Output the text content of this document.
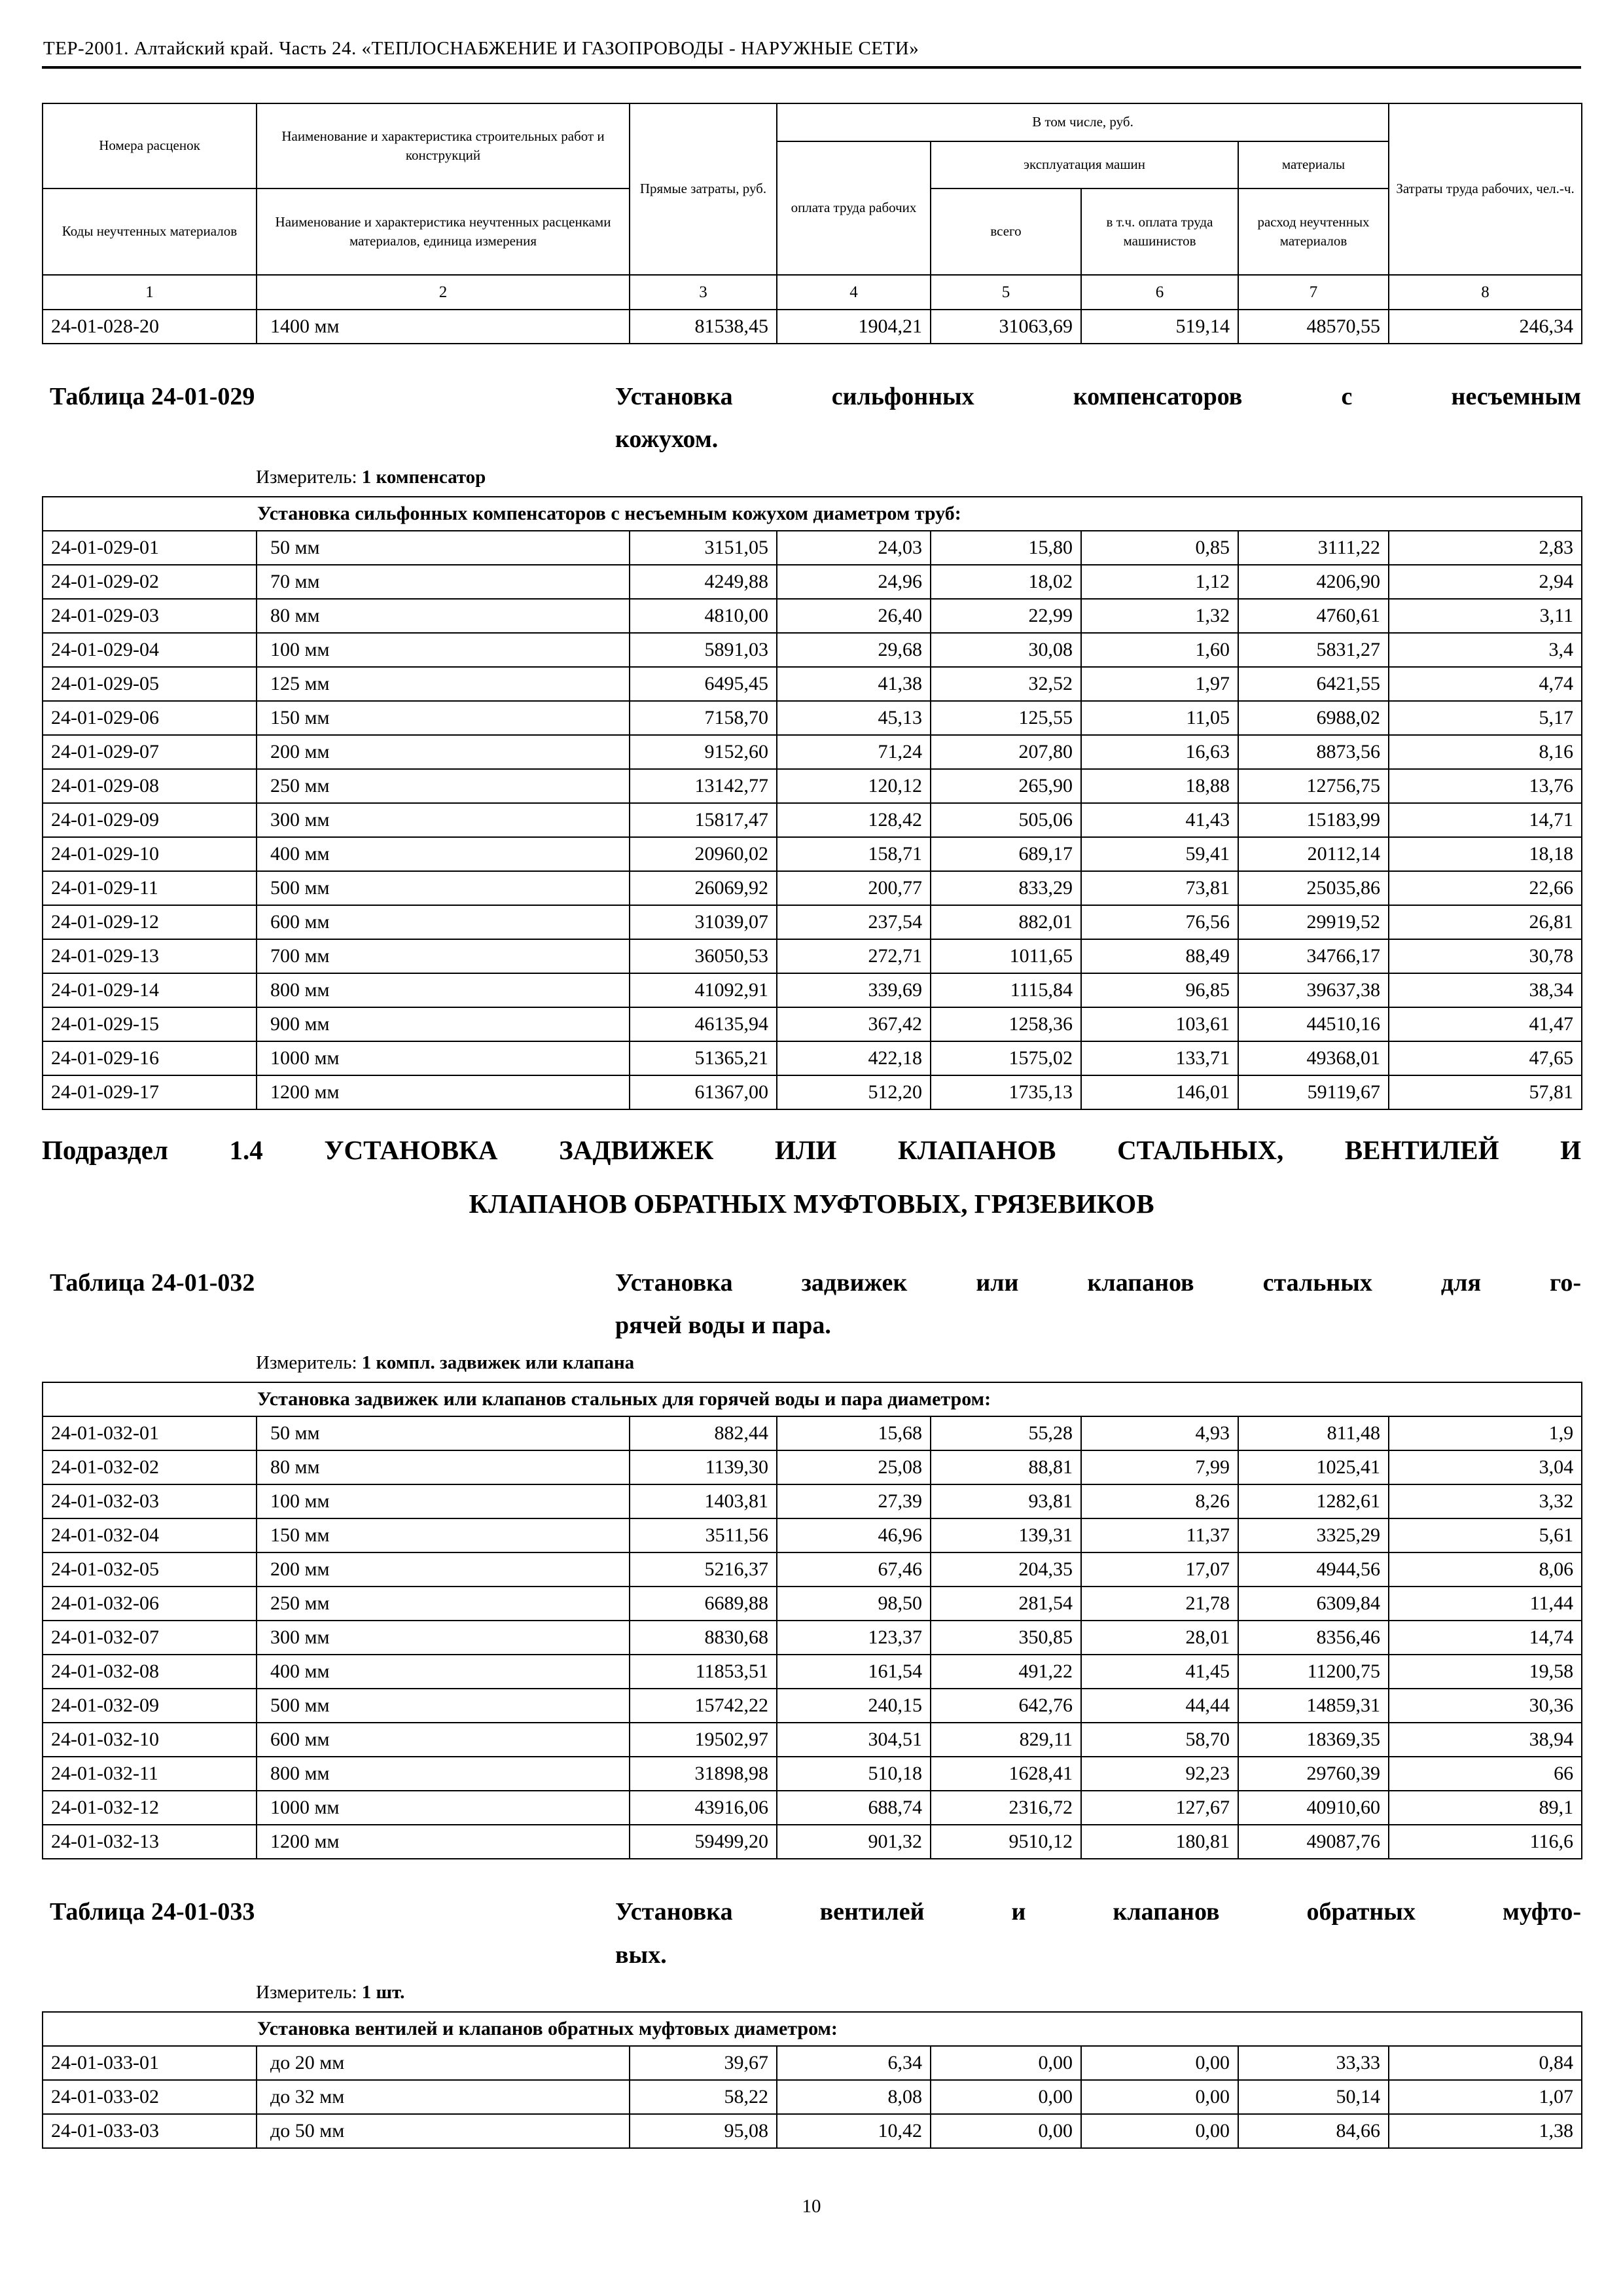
ТЕР-2001. Алтайский край. Часть 24. «ТЕПЛОСНАБЖЕНИЕ И ГАЗОПРОВОДЫ - НАРУЖНЫЕ СЕТИ»
Номера расценок	Наименование и характеристика строительных работ и конструкций	Прямые затраты, руб.	В том числе, руб.				Затраты труда рабочих, чел.-ч.
			оплата труда рабочих	эксплуатация машин		материалы	
Коды неучтенных материалов	Наименование и характеристика неучтенных расценками материалов, единица измерения			всего	в т.ч. оплата труда машинистов	расход неучтенных материалов	
1	2	3	4	5	6	7	8
24-01-028-20	1400 мм	81538,45	1904,21	31063,69	519,14	48570,55	246,34
Таблица 24-01-029	Установка сильфонных компенсаторов с несъемным
кожухом.
Измеритель: 1 компенсатор
Установка сильфонных компенсаторов с несъемным кожухом диаметром труб:							
24-01-029-01	50 мм	3151,05	24,03	15,80	0,85	3111,22	2,83
24-01-029-02	70 мм	4249,88	24,96	18,02	1,12	4206,90	2,94
24-01-029-03	80 мм	4810,00	26,40	22,99	1,32	4760,61	3,11
24-01-029-04	100 мм	5891,03	29,68	30,08	1,60	5831,27	3,4
24-01-029-05	125 мм	6495,45	41,38	32,52	1,97	6421,55	4,74
24-01-029-06	150 мм	7158,70	45,13	125,55	11,05	6988,02	5,17
24-01-029-07	200 мм	9152,60	71,24	207,80	16,63	8873,56	8,16
24-01-029-08	250 мм	13142,77	120,12	265,90	18,88	12756,75	13,76
24-01-029-09	300 мм	15817,47	128,42	505,06	41,43	15183,99	14,71
24-01-029-10	400 мм	20960,02	158,71	689,17	59,41	20112,14	18,18
24-01-029-11	500 мм	26069,92	200,77	833,29	73,81	25035,86	22,66
24-01-029-12	600 мм	31039,07	237,54	882,01	76,56	29919,52	26,81
24-01-029-13	700 мм	36050,53	272,71	1011,65	88,49	34766,17	30,78
24-01-029-14	800 мм	41092,91	339,69	1115,84	96,85	39637,38	38,34
24-01-029-15	900 мм	46135,94	367,42	1258,36	103,61	44510,16	41,47
24-01-029-16	1000 мм	51365,21	422,18	1575,02	133,71	49368,01	47,65
24-01-029-17	1200 мм	61367,00	512,20	1735,13	146,01	59119,67	57,81
Подраздел 1.4 УСТАНОВКА ЗАДВИЖЕК ИЛИ КЛАПАНОВ СТАЛЬНЫХ, ВЕНТИЛЕЙ И
КЛАПАНОВ ОБРАТНЫХ МУФТОВЫХ, ГРЯЗЕВИКОВ
Таблица 24-01-032	Установка задвижек или клапанов стальных для го-
рячей воды и пара.
Измеритель: 1 компл. задвижек или клапана
Установка задвижек или клапанов стальных для горячей воды и пара диаметром:							
24-01-032-01	50 мм	882,44	15,68	55,28	4,93	811,48	1,9
24-01-032-02	80 мм	1139,30	25,08	88,81	7,99	1025,41	3,04
24-01-032-03	100 мм	1403,81	27,39	93,81	8,26	1282,61	3,32
24-01-032-04	150 мм	3511,56	46,96	139,31	11,37	3325,29	5,61
24-01-032-05	200 мм	5216,37	67,46	204,35	17,07	4944,56	8,06
24-01-032-06	250 мм	6689,88	98,50	281,54	21,78	6309,84	11,44
24-01-032-07	300 мм	8830,68	123,37	350,85	28,01	8356,46	14,74
24-01-032-08	400 мм	11853,51	161,54	491,22	41,45	11200,75	19,58
24-01-032-09	500 мм	15742,22	240,15	642,76	44,44	14859,31	30,36
24-01-032-10	600 мм	19502,97	304,51	829,11	58,70	18369,35	38,94
24-01-032-11	800 мм	31898,98	510,18	1628,41	92,23	29760,39	66
24-01-032-12	1000 мм	43916,06	688,74	2316,72	127,67	40910,60	89,1
24-01-032-13	1200 мм	59499,20	901,32	9510,12	180,81	49087,76	116,6
Таблица 24-01-033	Установка вентилей и клапанов обратных муфто-
вых.
Измеритель: 1 шт.
Установка вентилей и клапанов обратных муфтовых диаметром:							
24-01-033-01	до 20 мм	39,67	6,34	0,00	0,00	33,33	0,84
24-01-033-02	до 32 мм	58,22	8,08	0,00	0,00	50,14	1,07
24-01-033-03	до 50 мм	95,08	10,42	0,00	0,00	84,66	1,38
10
